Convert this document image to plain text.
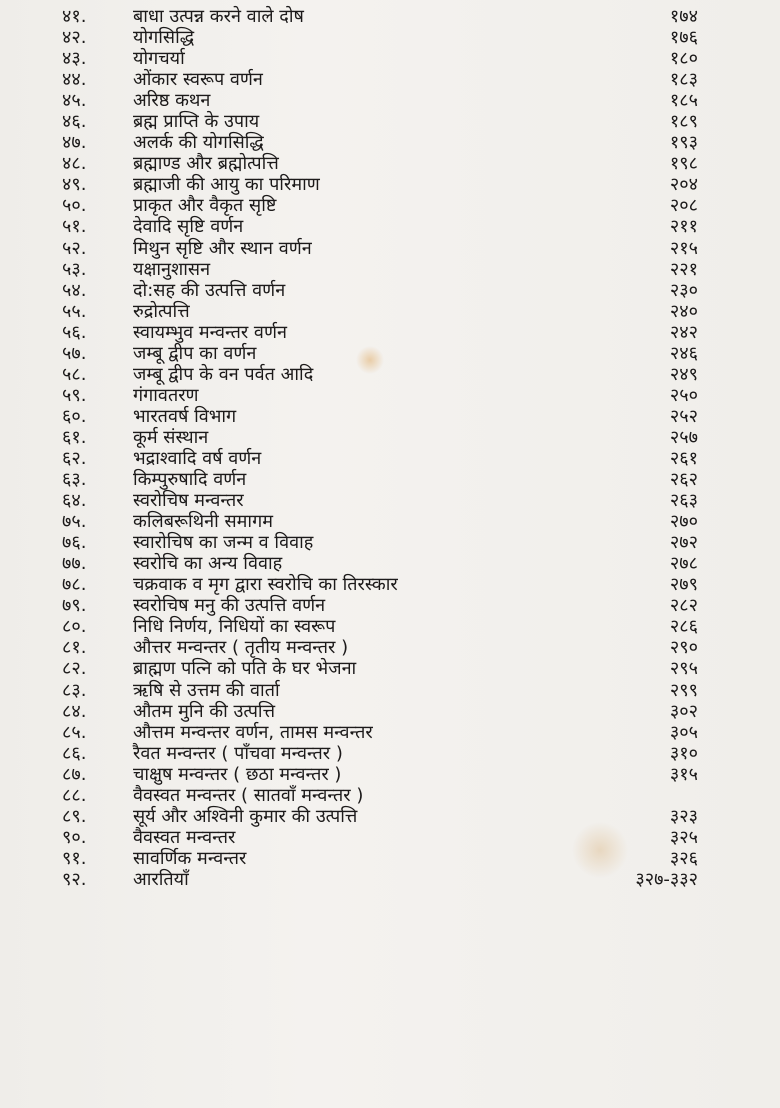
४१.	बाधा उत्पन्न करने वाले दोष	१७४
४२.	योगसिद्धि	१७६
४३.	योगचर्या	१८०
४४.	ओंकार स्वरूप वर्णन	१८३
४५.	अरिष्ठ कथन	१८५
४६.	ब्रह्म प्राप्ति के उपाय	१८९
४७.	अलर्क की योगसिद्धि	१९३
४८.	ब्रह्माण्ड और ब्रह्मोत्पत्ति	१९८
४९.	ब्रह्माजी की आयु का परिमाण	२०४
५०.	प्राकृत और वैकृत सृष्टि	२०८
५१.	देवादि सृष्टि वर्णन	२११
५२.	मिथुन सृष्टि और स्थान वर्णन	२१५
५३.	यक्षानुशासन	२२१
५४.	दो:सह की उत्पत्ति वर्णन	२३०
५५.	रुद्रोत्पत्ति	२४०
५६.	स्वायम्भुव मन्वन्तर वर्णन	२४२
५७.	जम्बू द्वीप का वर्णन	२४६
५८.	जम्बू द्वीप के वन पर्वत आदि	२४९
५९.	गंगावतरण	२५०
६०.	भारतवर्ष विभाग	२५२
६१.	कूर्म संस्थान	२५७
६२.	भद्राश्वादि वर्ष वर्णन	२६१
६३.	किम्पुरुषादि वर्णन	२६२
६४.	स्वरोचिष मन्वन्तर	२६३
७५.	कलिबरूथिनी समागम	२७०
७६.	स्वारोचिष का जन्म व विवाह	२७२
७७.	स्वरोचि का अन्य विवाह	२७८
७८.	चक्रवाक व मृग द्वारा स्वरोचि का तिरस्कार	२७९
७९.	स्वरोचिष मनु की उत्पत्ति वर्णन	२८२
८०.	निधि निर्णय, निधियों का स्वरूप	२८६
८१.	औत्तर मन्वन्तर ( तृतीय मन्वन्तर )	२९०
८२.	ब्राह्मण पत्नि को पति के घर भेजना	२९५
८३.	ऋषि से उत्तम की वार्ता	२९९
८४.	औतम मुनि की उत्पत्ति	३०२
८५.	औत्तम मन्वन्तर वर्णन, तामस मन्वन्तर	३०५
८६.	रैवत मन्वन्तर ( पाँचवा मन्वन्तर )	३१०
८७.	चाक्षुष मन्वन्तर ( छठा मन्वन्तर )	३१५
८८.	वैवस्वत मन्वन्तर ( सातवाँ मन्वन्तर )
८९.	सूर्य और अश्विनी कुमार की उत्पत्ति	३२३
९०.	वैवस्वत मन्वन्तर	३२५
९१.	सावर्णिक मन्वन्तर	३२६
९२.	आरतियाँ	३२७-३३२
